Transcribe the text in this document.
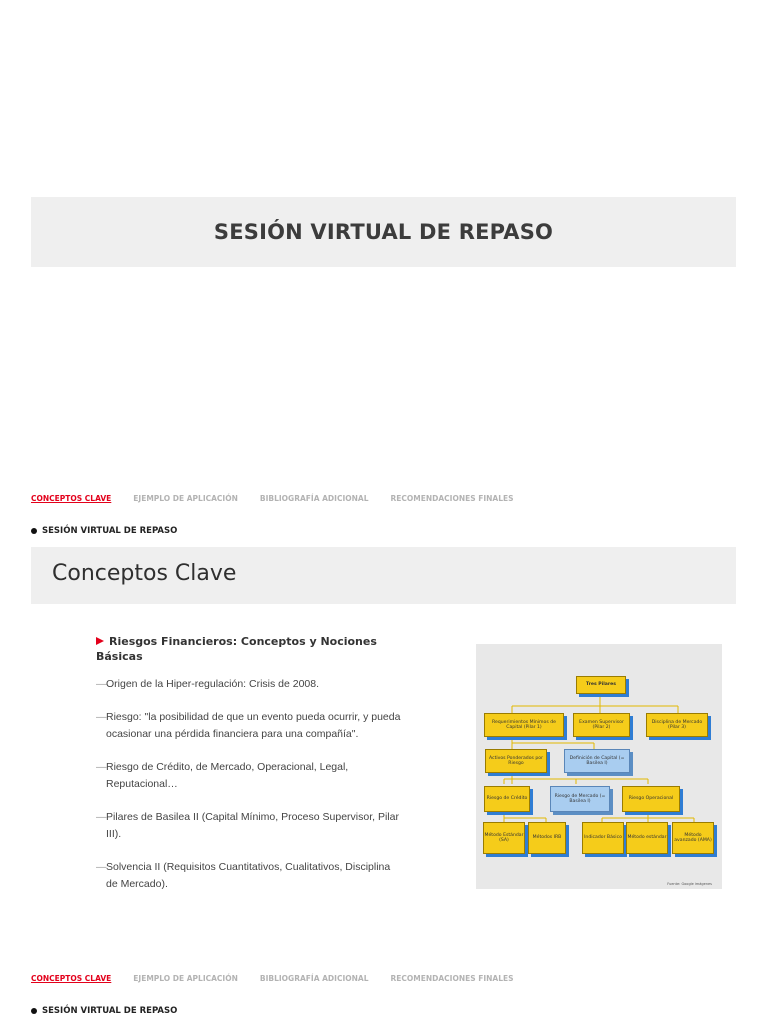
SESIÓN VIRTUAL DE REPASO
CONCEPTOS CLAVE	EJEMPLO DE APLICACIÓN	BIBLIOGRAFÍA ADICIONAL	RECOMENDACIONES FINALES
SESIÓN VIRTUAL DE REPASO
Conceptos Clave
Riesgos Financieros: Conceptos y Nociones Básicas
— Origen de la Hiper-regulación: Crisis de 2008.
— Riesgo: "la posibilidad de que un evento pueda ocurrir, y pueda ocasionar una pérdida financiera para una compañía".
— Riesgo de Crédito, de Mercado, Operacional, Legal, Reputacional…
— Pilares de Basilea II (Capital Mínimo, Proceso Supervisor, Pilar III).
— Solvencia II (Requisitos Cuantitativos, Cualitativos, Disciplina de Mercado).
Tres Pilares
Requerimientos Mínimos de Capital (Pilar 1)
Examen Supervisor (Pilar 2)
Disciplina de Mercado (Pilar 3)
Activos Ponderados por Riesgo
Definición de Capital (= Basilea I)
Riesgo de Crédito
Riesgo de Mercado (= Basilea I)
Riesgo Operacional
Método Estándar (SA)
Métodos IRB	Indicador Básico	Método estándar
Método avanzado (AMA)
Fuente: Google imágenes
CONCEPTOS CLAVE	EJEMPLO DE APLICACIÓN	BIBLIOGRAFÍA ADICIONAL	RECOMENDACIONES FINALES
SESIÓN VIRTUAL DE REPASO
